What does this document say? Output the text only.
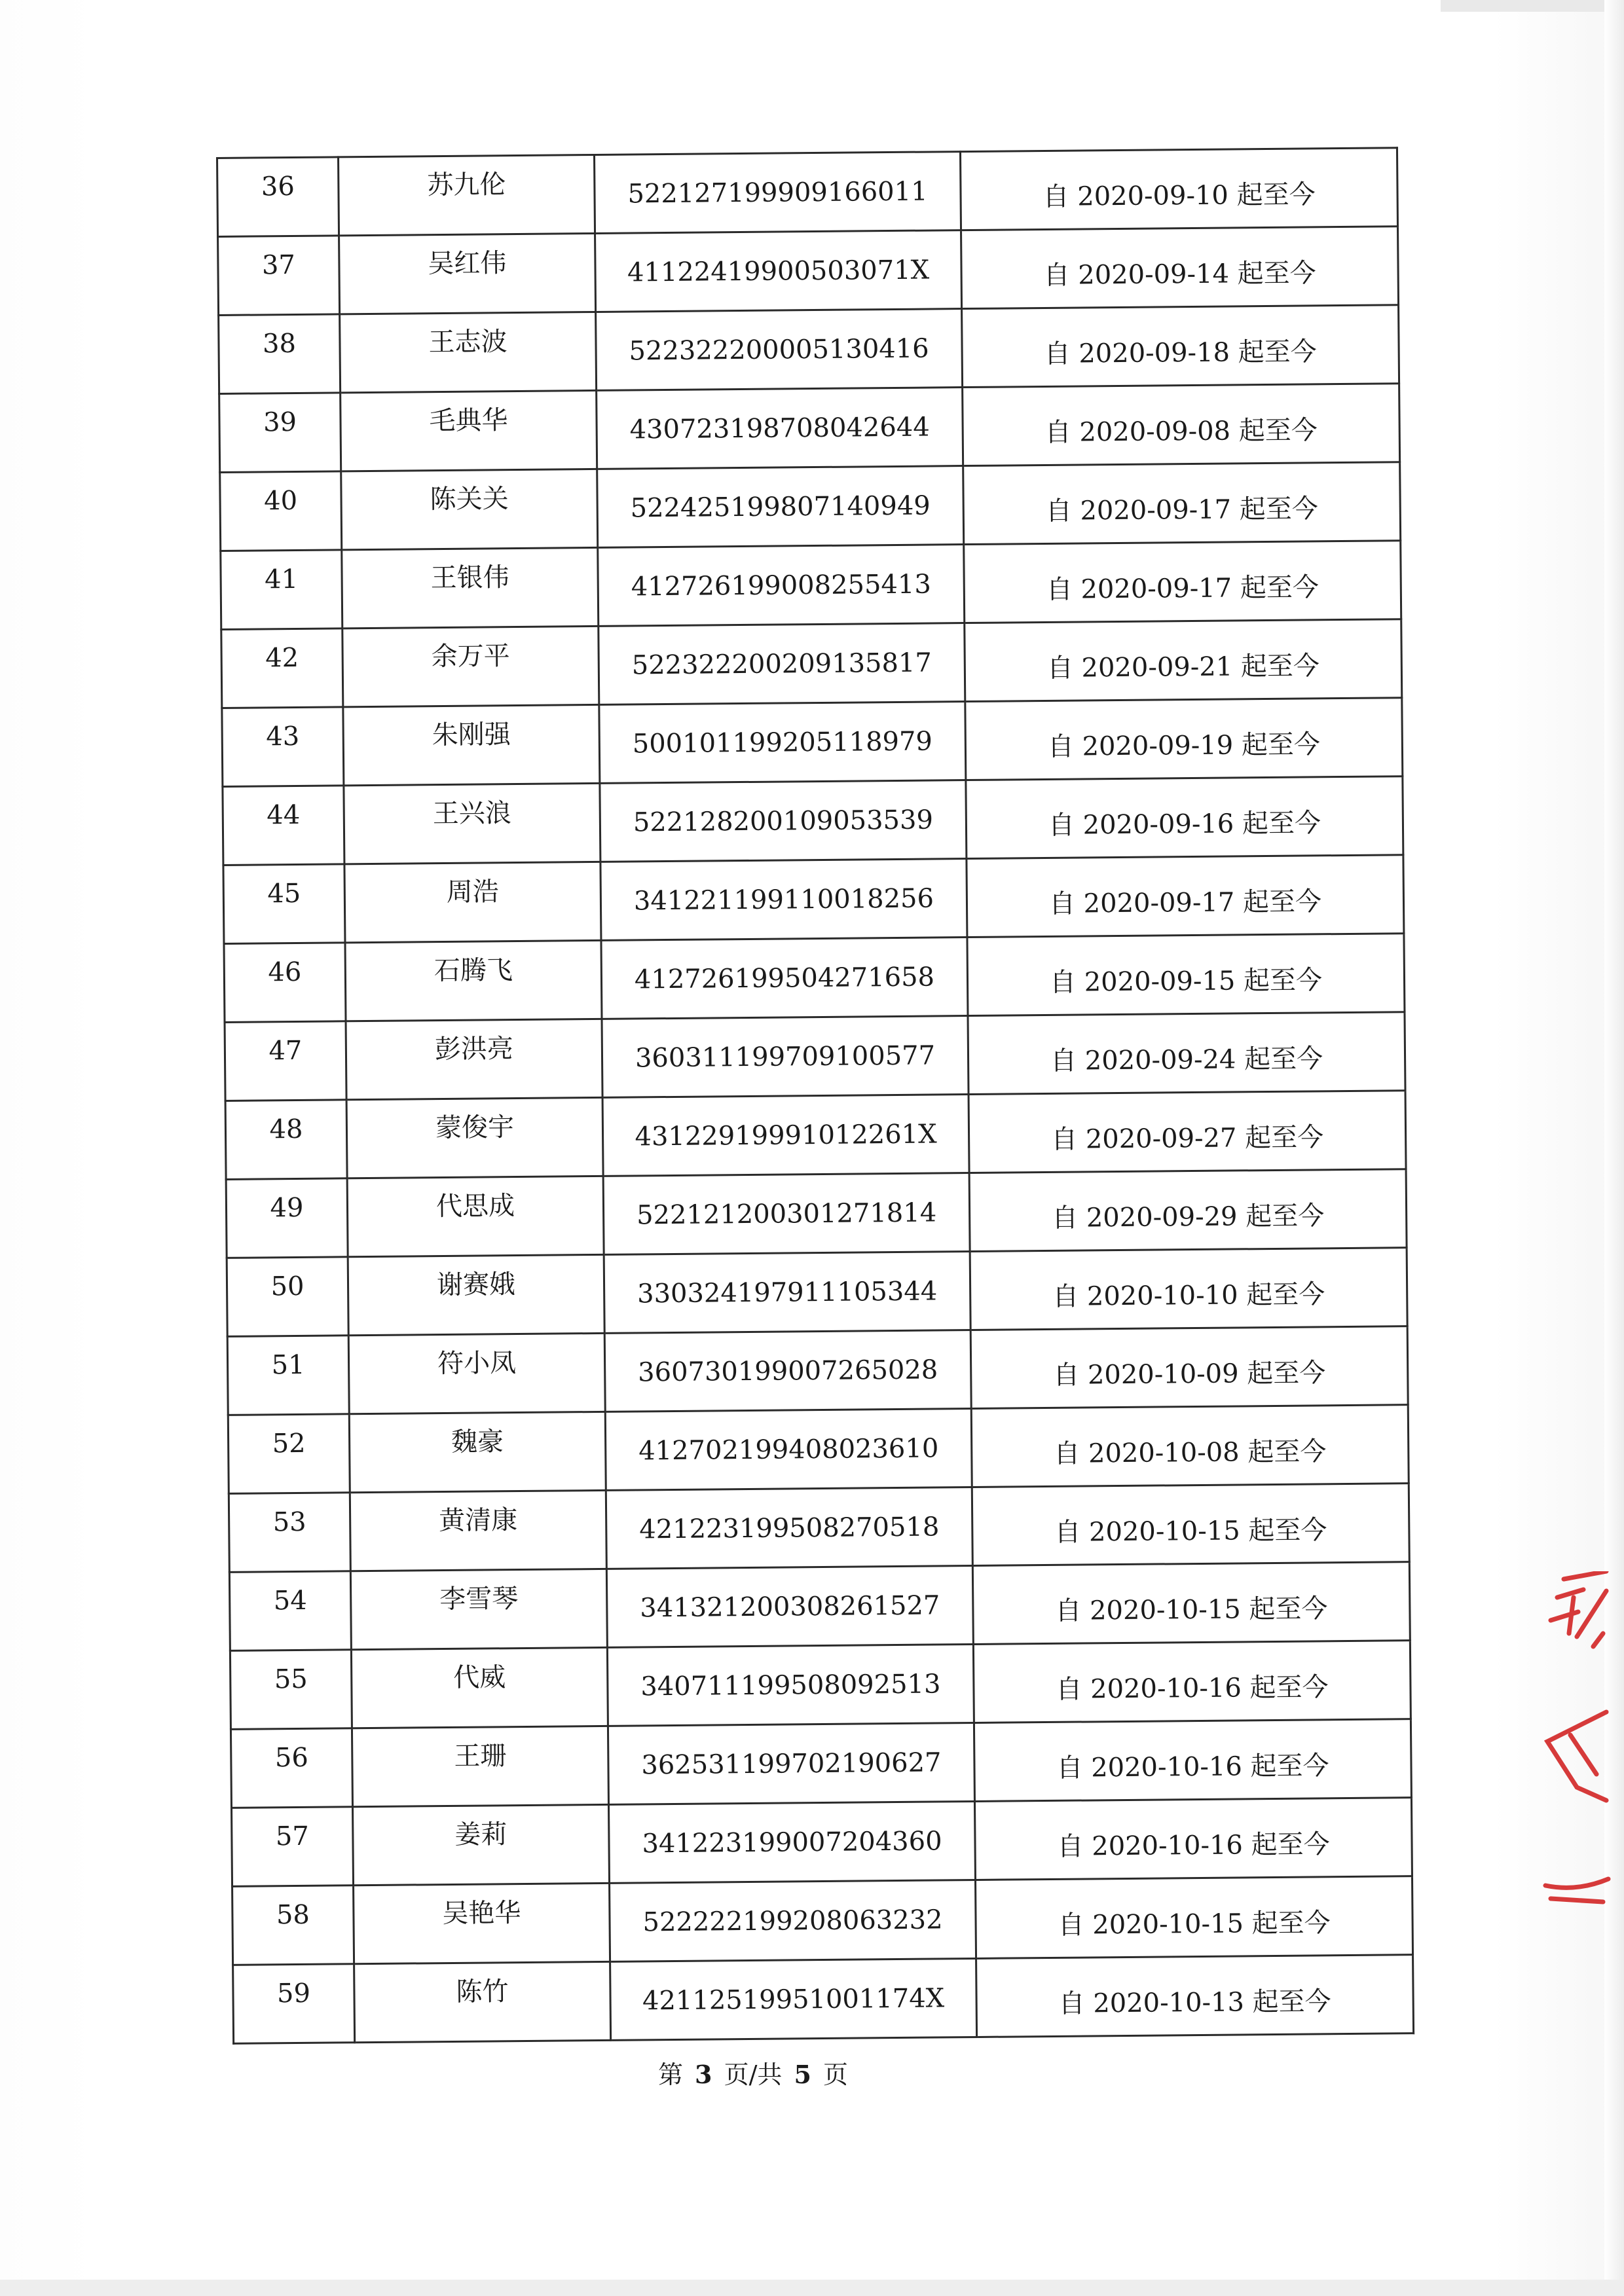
36	苏九伦	522127199909166011	自 2020-09-10 起至今
37	吴红伟	41122419900503071X	自 2020-09-14 起至今
38	王志波	522322200005130416	自 2020-09-18 起至今
39	毛典华	430723198708042644	自 2020-09-08 起至今
40	陈关关	522425199807140949	自 2020-09-17 起至今
41	王银伟	412726199008255413	自 2020-09-17 起至今
42	余万平	522322200209135817	自 2020-09-21 起至今
43	朱刚强	500101199205118979	自 2020-09-19 起至今
44	王兴浪	522128200109053539	自 2020-09-16 起至今
45	周浩	341221199110018256	自 2020-09-17 起至今
46	石腾飞	412726199504271658	自 2020-09-15 起至今
47	彭洪亮	360311199709100577	自 2020-09-24 起至今
48	蒙俊宇	43122919991012261X	自 2020-09-27 起至今
49	代思成	522121200301271814	自 2020-09-29 起至今
50	谢赛娥	330324197911105344	自 2020-10-10 起至今
51	符小凤	360730199007265028	自 2020-10-09 起至今
52	魏豪	412702199408023610	自 2020-10-08 起至今
53	黄清康	421223199508270518	自 2020-10-15 起至今
54	李雪琴	341321200308261527	自 2020-10-15 起至今
55	代威	340711199508092513	自 2020-10-16 起至今
56	王珊	362531199702190627	自 2020-10-16 起至今
57	姜莉	341223199007204360	自 2020-10-16 起至今
58	吴艳华	522222199208063232	自 2020-10-15 起至今
59	陈竹	42112519951001174X	自 2020-10-13 起至今
第 3 页/共 5 页
